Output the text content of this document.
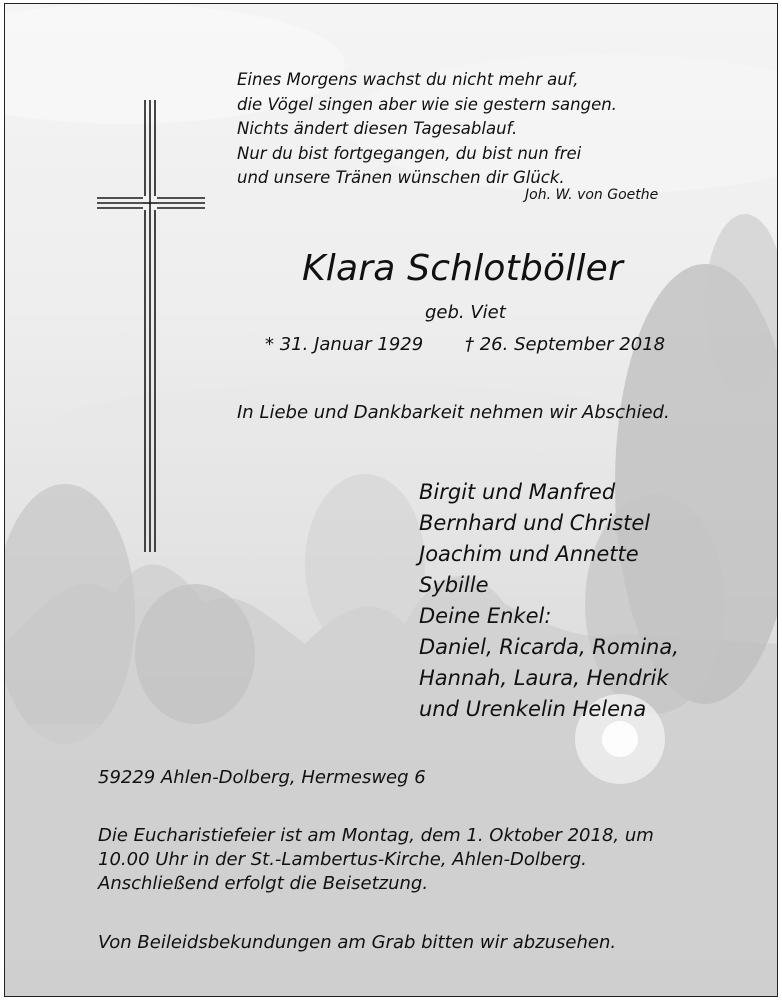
Eines Morgens wachst du nicht mehr auf,
die Vögel singen aber wie sie gestern sangen.
Nichts ändert diesen Tagesablauf.
Nur du bist fortgegangen, du bist nun frei
und unsere Tränen wünschen dir Glück.
Joh. W. von Goethe
Klara Schlotböller
geb. Viet
* 31. Januar 1929 † 26. September 2018
In Liebe und Dankbarkeit nehmen wir Abschied.
Birgit und Manfred
Bernhard und Christel
Joachim und Annette
Sybille
Deine Enkel:
Daniel, Ricarda, Romina,
Hannah, Laura, Hendrik
und Urenkelin Helena
59229 Ahlen-Dolberg, Hermesweg 6
Die Eucharistiefeier ist am Montag, dem 1. Oktober 2018, um
10.00 Uhr in der St.-Lambertus-Kirche, Ahlen-Dolberg.
Anschließend erfolgt die Beisetzung.
Von Beileidsbekundungen am Grab bitten wir abzusehen.
